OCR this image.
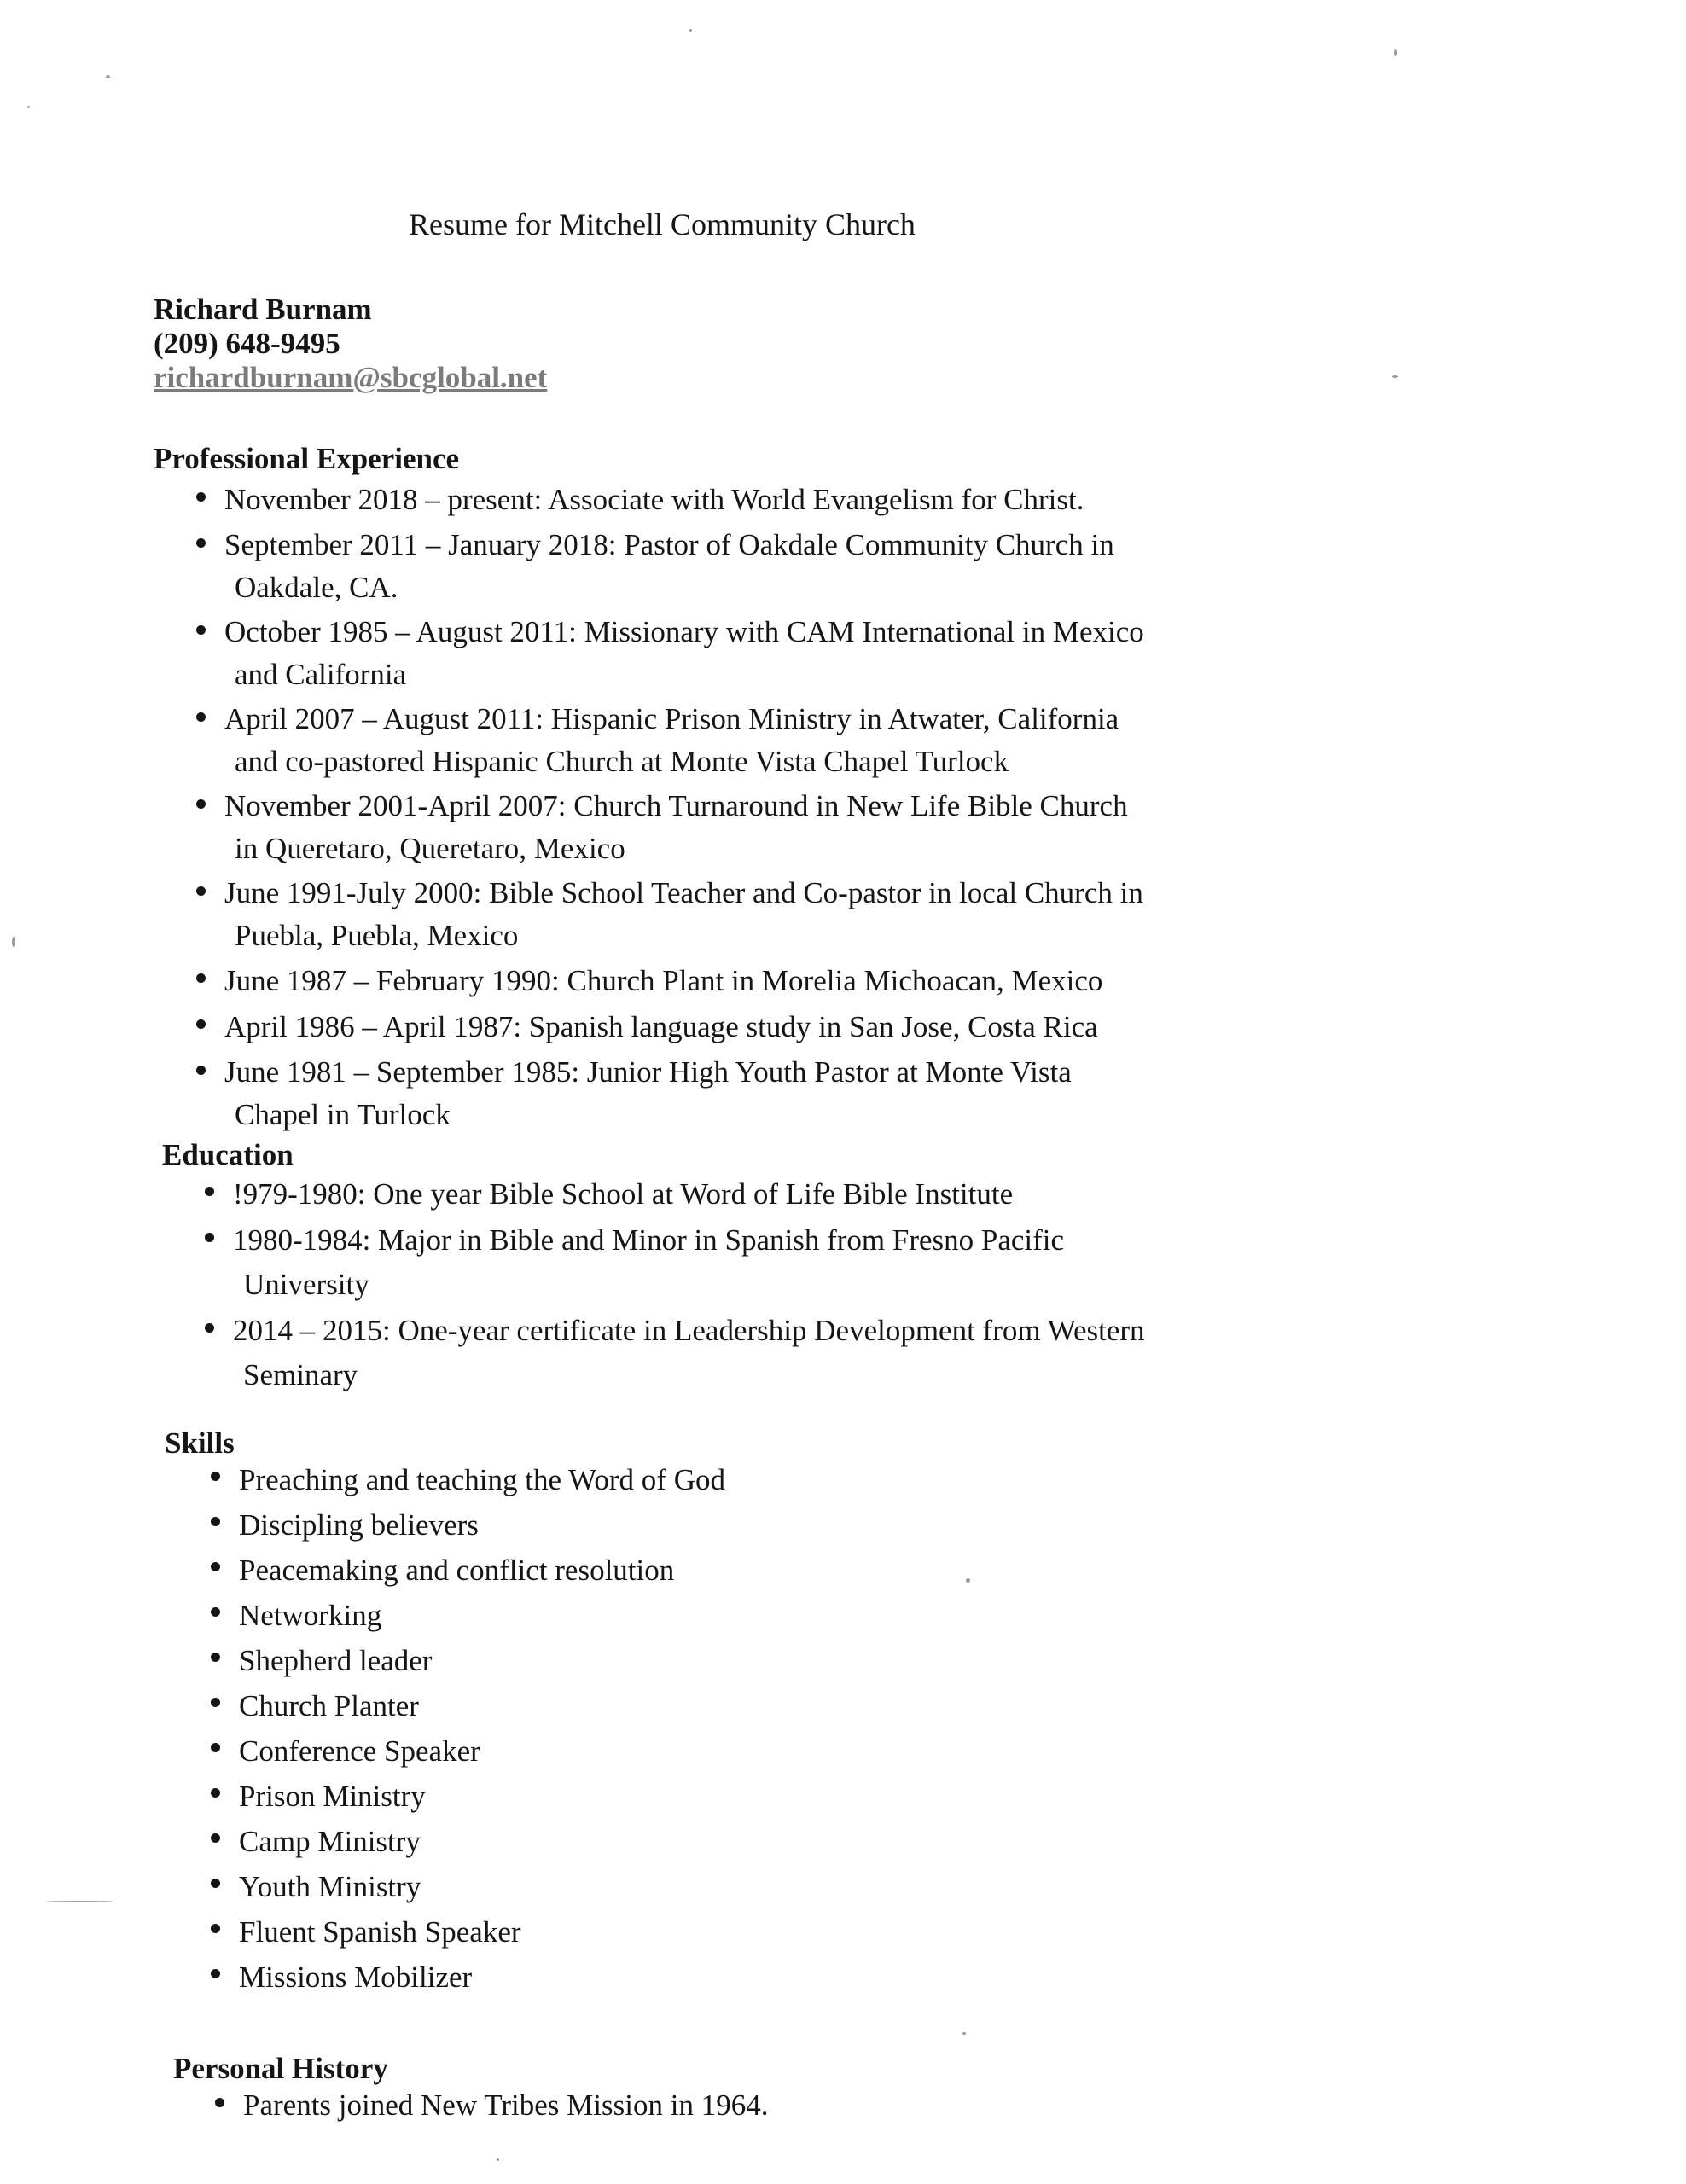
Resume for Mitchell Community Church
Richard Burnam
(209) 648-9495
richardburnam@sbcglobal.net
Professional Experience
November 2018 – present: Associate with World Evangelism for Christ.
September 2011 – January 2018: Pastor of Oakdale Community Church in
Oakdale, CA.
October 1985 – August 2011: Missionary with CAM International in Mexico
and California
April 2007 – August 2011: Hispanic Prison Ministry in Atwater, California
and co-pastored Hispanic Church at Monte Vista Chapel Turlock
November 2001-April 2007: Church Turnaround in New Life Bible Church
in Queretaro, Queretaro, Mexico
June 1991-July 2000: Bible School Teacher and Co-pastor in local Church in
Puebla, Puebla, Mexico
June 1987 – February 1990: Church Plant in Morelia Michoacan, Mexico
April 1986 – April 1987: Spanish language study in San Jose, Costa Rica
June 1981 – September 1985: Junior High Youth Pastor at Monte Vista
Chapel in Turlock
Education
!979-1980: One year Bible School at Word of Life Bible Institute
1980-1984: Major in Bible and Minor in Spanish from Fresno Pacific
University
2014 – 2015: One-year certificate in Leadership Development from Western
Seminary
Skills
Preaching and teaching the Word of God
Discipling believers
Peacemaking and conflict resolution
Networking
Shepherd leader
Church Planter
Conference Speaker
Prison Ministry
Camp Ministry
Youth Ministry
Fluent Spanish Speaker
Missions Mobilizer
Personal History
Parents joined New Tribes Mission in 1964.
